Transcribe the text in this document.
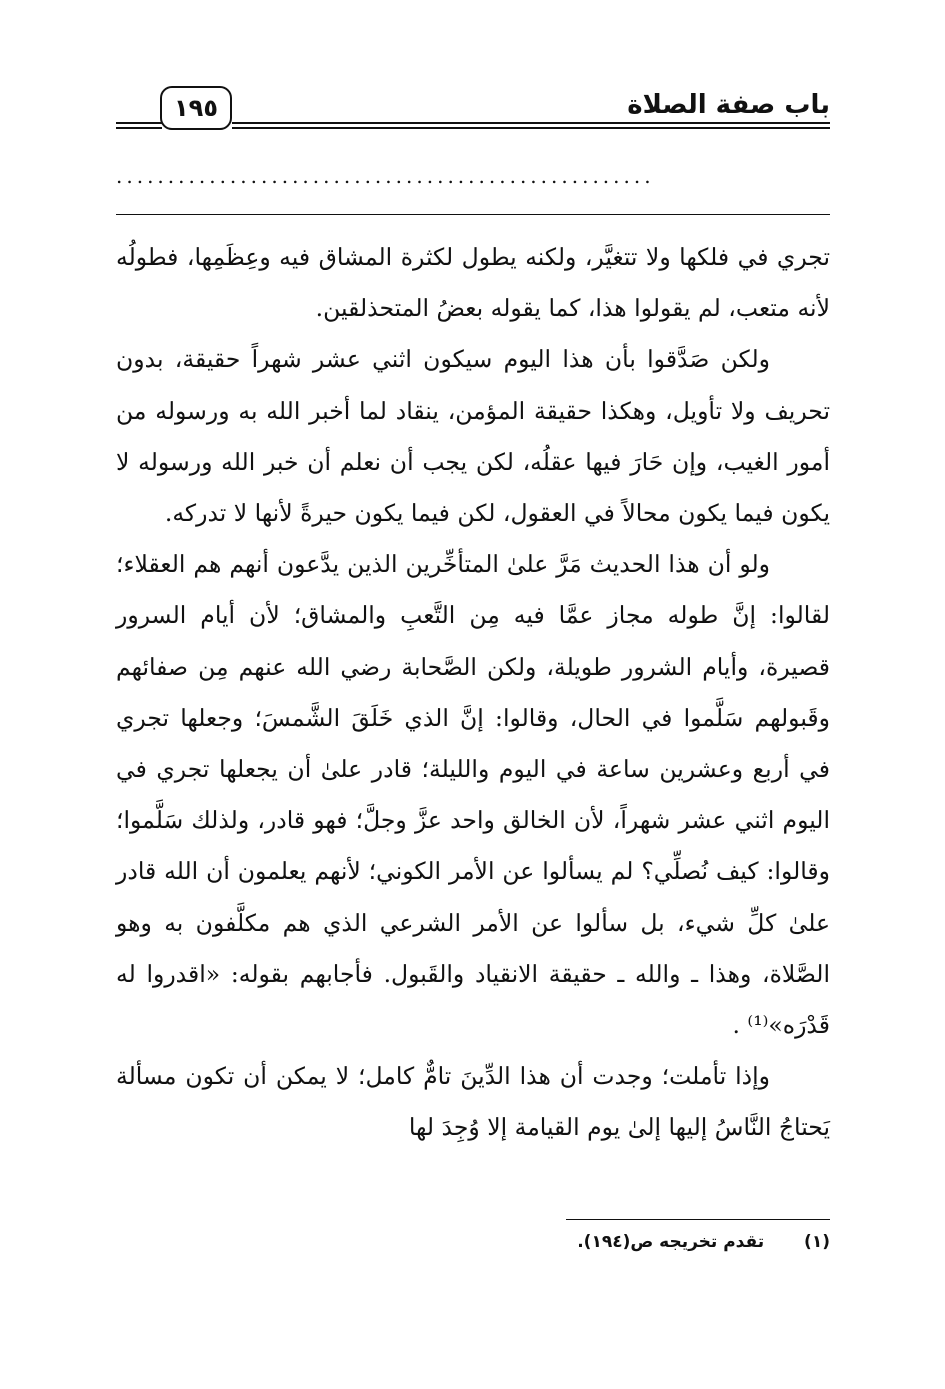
باب صفة الصلاة
١٩٥
....................................................

تجري في فلكها ولا تتغيَّر، ولكنه يطول لكثرة المشاق فيه وعِظَمِها، فطولُه لأنه متعب، لم يقولوا هذا، كما يقوله بعضُ المتحذلقين.

ولكن صَدَّقوا بأن هذا اليوم سيكون اثني عشر شهراً حقيقة، بدون تحريف ولا تأويل، وهكذا حقيقة المؤمن، ينقاد لما أخبر الله به ورسوله من أمور الغيب، وإن حَارَ فيها عقلُه، لكن يجب أن نعلم أن خبر الله ورسوله لا يكون فيما يكون محالاً في العقول، لكن فيما يكون حيرةً لأنها لا تدركه.

ولو أن هذا الحديث مَرَّ علىٰ المتأخِّرين الذين يدَّعون أنهم هم العقلاء؛ لقالوا: إنَّ طوله مجاز عمَّا فيه مِن التَّعبِ والمشاق؛ لأن أيام السرور قصيرة، وأيام الشرور طويلة، ولكن الصَّحابة رضي الله عنهم مِن صفائهم وقَبولهم سَلَّموا في الحال، وقالوا: إنَّ الذي خَلَقَ الشَّمسَ؛ وجعلها تجري في أربع وعشرين ساعة في اليوم والليلة؛ قادر علىٰ أن يجعلها تجري في اليوم اثني عشر شهراً، لأن الخالق واحد عزَّ وجلَّ؛ فهو قادر، ولذلك سَلَّموا؛ وقالوا: كيف نُصلِّي؟ لم يسألوا عن الأمر الكوني؛ لأنهم يعلمون أن الله قادر علىٰ كلِّ شيء، بل سألوا عن الأمر الشرعي الذي هم مكلَّفون به وهو الصَّلاة، وهذا ـ والله ـ حقيقة الانقياد والقَبول. فأجابهم بقوله: «اقدروا له قَدْرَه»⁽¹⁾ .

وإذا تأملت؛ وجدت أن هذا الدِّينَ تامٌّ كامل؛ لا يمكن أن تكون مسألة يَحتاجُ النَّاسُ إليها إلىٰ يوم القيامة إلا وُجِدَ لها

(١) تقدم تخريجه ص(١٩٤).
